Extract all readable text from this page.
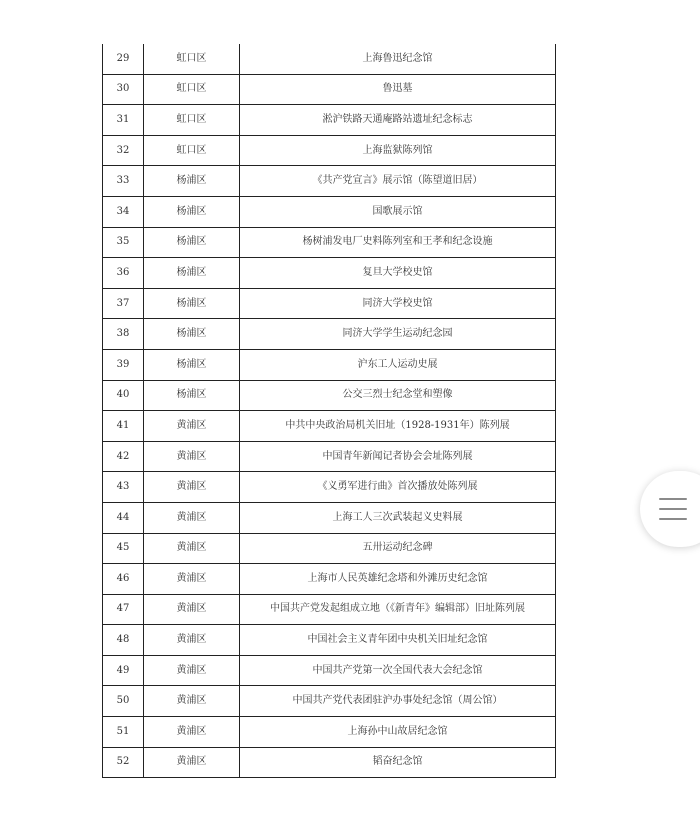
29	虹口区	上海鲁迅纪念馆
30	虹口区	鲁迅墓
31	虹口区	淞沪铁路天通庵路站遗址纪念标志
32	虹口区	上海监狱陈列馆
33	杨浦区	《共产党宣言》展示馆（陈望道旧居）
34	杨浦区	国歌展示馆
35	杨浦区	杨树浦发电厂史料陈列室和王孝和纪念设施
36	杨浦区	复旦大学校史馆
37	杨浦区	同济大学校史馆
38	杨浦区	同济大学学生运动纪念园
39	杨浦区	沪东工人运动史展
40	杨浦区	公交三烈士纪念堂和塑像
41	黄浦区	中共中央政治局机关旧址（1928-1931年）陈列展
42	黄浦区	中国青年新闻记者协会会址陈列展
43	黄浦区	《义勇军进行曲》首次播放处陈列展
44	黄浦区	上海工人三次武装起义史料展
45	黄浦区	五卅运动纪念碑
46	黄浦区	上海市人民英雄纪念塔和外滩历史纪念馆
47	黄浦区	中国共产党发起组成立地（《新青年》编辑部）旧址陈列展
48	黄浦区	中国社会主义青年团中央机关旧址纪念馆
49	黄浦区	中国共产党第一次全国代表大会纪念馆
50	黄浦区	中国共产党代表团驻沪办事处纪念馆（周公馆）
51	黄浦区	上海孙中山故居纪念馆
52	黄浦区	韬奋纪念馆
